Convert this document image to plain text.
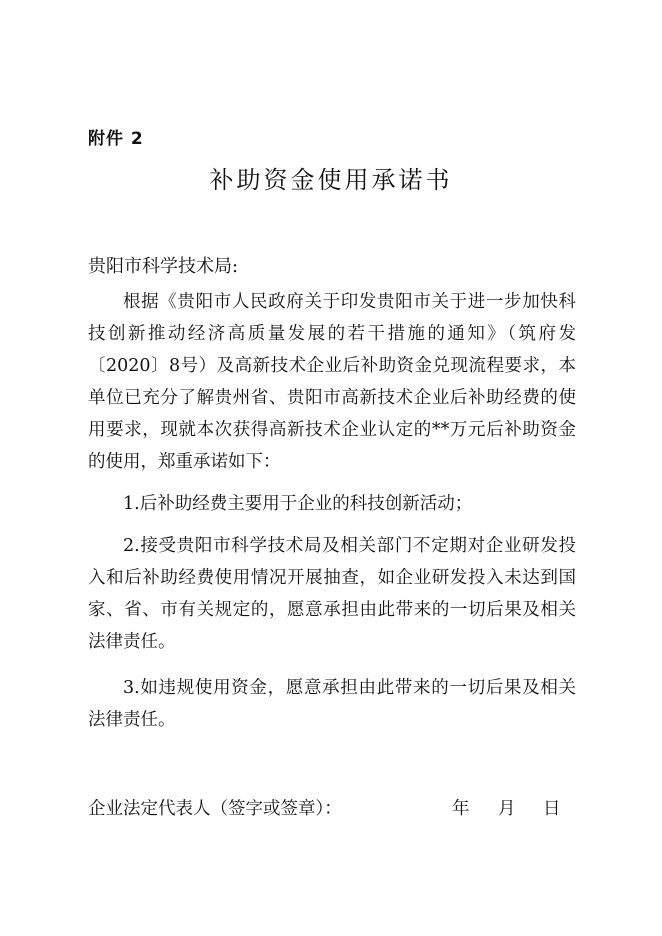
附件 2
补助资金使用承诺书
贵阳市科学技术局:

根据《贵阳市人民政府关于印发贵阳市关于进一步加快科技创新推动经济高质量发展的若干措施的通知》（筑府发〔2020〕8号）及高新技术企业后补助资金兑现流程要求，本单位已充分了解贵州省、贵阳市高新技术企业后补助经费的使用要求，现就本次获得高新技术企业认定的**万元后补助资金的使用，郑重承诺如下：

1.后补助经费主要用于企业的科技创新活动；

2.接受贵阳市科学技术局及相关部门不定期对企业研发投入和后补助经费使用情况开展抽查，如企业研发投入未达到国家、省、市有关规定的，愿意承担由此带来的一切后果及相关法律责任。

3.如违规使用资金，愿意承担由此带来的一切后果及相关法律责任。

企业法定代表人（签字或签章）：	年 月 日
